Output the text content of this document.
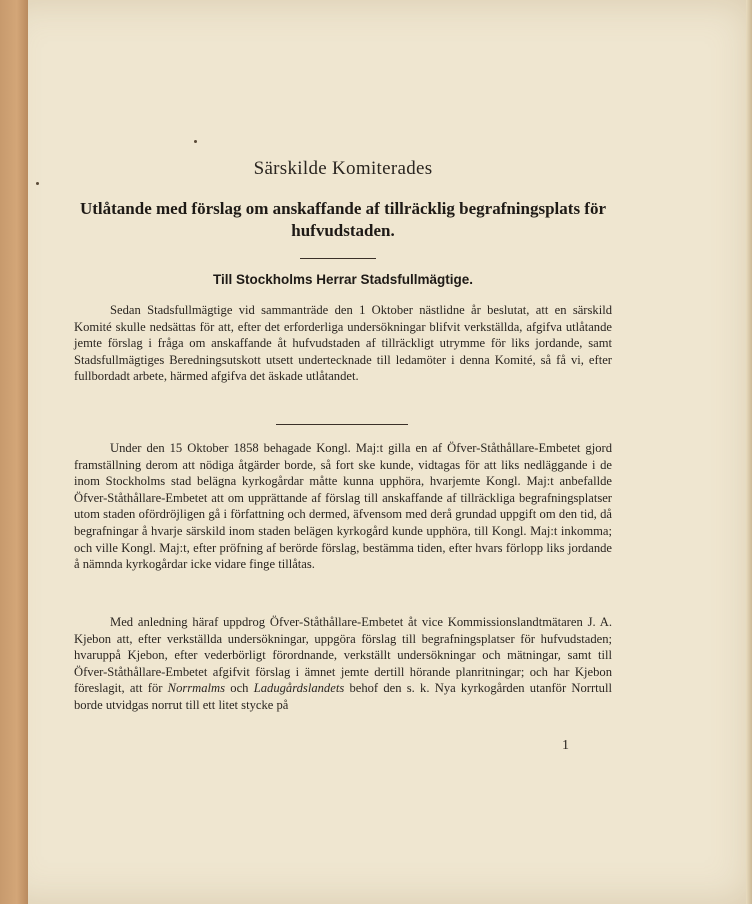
Särskilde Komiterades
Utlåtande med förslag om anskaffande af tillräcklig begrafningsplats för hufvudstaden.
Till Stockholms Herrar Stadsfullmägtige.
Sedan Stadsfullmägtige vid sammanträde den 1 Oktober nästlidne år beslutat, att en särskild Komité skulle nedsättas för att, efter det erforderliga undersökningar blifvit verkställda, afgifva utlåtande jemte förslag i fråga om anskaffande åt hufvudstaden af tillräckligt utrymme för liks jordande, samt Stadsfullmägtiges Beredningsutskott utsett undertecknade till ledamöter i denna Komité, så få vi, efter fullbordadt arbete, härmed afgifva det äskade utlåtandet.
Under den 15 Oktober 1858 behagade Kongl. Maj:t gilla en af Öfver-Ståthållare-Embetet gjord framställning derom att nödiga åtgärder borde, så fort ske kunde, vidtagas för att liks nedläggande i de inom Stockholms stad belägna kyrkogårdar måtte kunna upphöra, hvarjemte Kongl. Maj:t anbefallde Öfver-Ståthållare-Embetet att om upprättande af förslag till anskaffande af tillräckliga begrafningsplatser utom staden ofördröjligen gå i författning och dermed, äfvensom med derå grundad uppgift om den tid, då begrafningar å hvarje särskild inom staden belägen kyrkogård kunde upphöra, till Kongl. Maj:t inkomma; och ville Kongl. Maj:t, efter pröfning af berörde förslag, bestämma tiden, efter hvars förlopp liks jordande å nämnda kyrkogårdar icke vidare finge tillåtas.
Med anledning häraf uppdrog Öfver-Ståthållare-Embetet åt vice Kommissionslandtmätaren J. A. Kjebon att, efter verkställda undersökningar, uppgöra förslag till begrafningsplatser för hufvudstaden; hvaruppå Kjebon, efter vederbörligt förordnande, verkställt undersökningar och mätningar, samt till Öfver-Ståthållare-Embetet afgifvit förslag i ämnet jemte dertill hörande planritningar; och har Kjebon föreslagit, att för Norrmalms och Ladugårdslandets behof den s. k. Nya kyrkogården utanför Norrtull borde utvidgas norrut till ett litet stycke på
1
